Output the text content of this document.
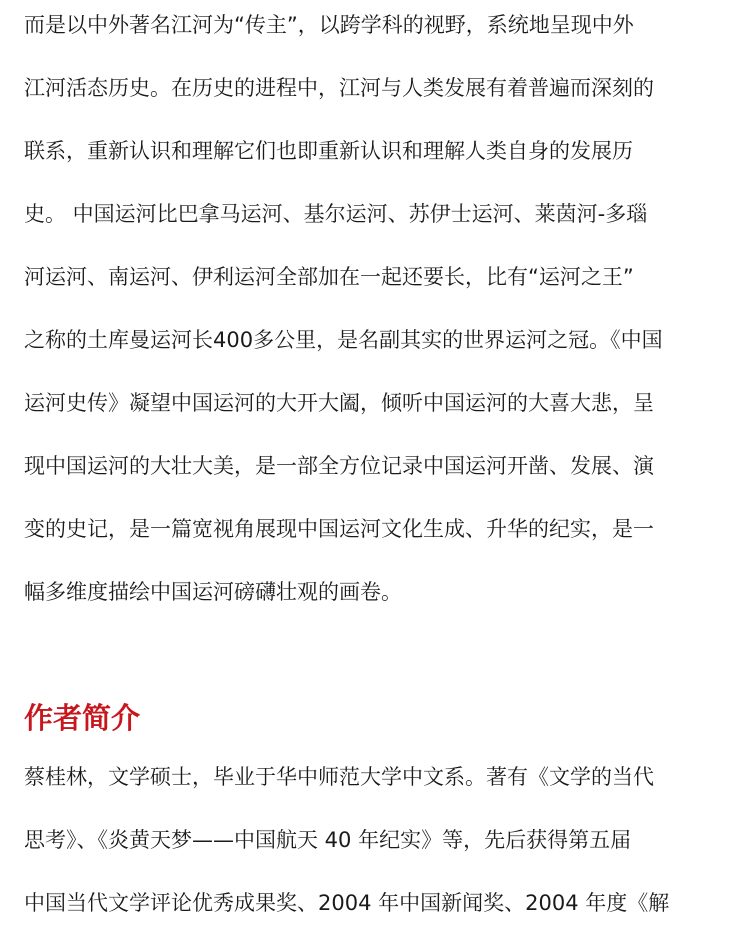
而是以中外著名江河为“传主”，以跨学科的视野，系统地呈现中外
江河活态历史。在历史的进程中，江河与人类发展有着普遍而深刻的
联系，重新认识和理解它们也即重新认识和理解人类自身的发展历
史。 中国运河比巴拿马运河、基尔运河、苏伊士运河、莱茵河-多瑙
河运河、南运河、伊利运河全部加在一起还要长，比有“运河之王”
之称的土库曼运河长400多公里，是名副其实的世界运河之冠。《中国
运河史传》凝望中国运河的大开大阖，倾听中国运河的大喜大悲，呈
现中国运河的大壮大美，是一部全方位记录中国运河开凿、发展、演
变的史记，是一篇宽视角展现中国运河文化生成、升华的纪实，是一
幅多维度描绘中国运河磅礴壮观的画卷。

作者简介

蔡桂林，文学硕士，毕业于华中师范大学中文系。著有《文学的当代
思考》、《炎黄天梦——中国航天 40 年纪实》等，先后获得第五届
中国当代文学评论优秀成果奖、2004 年中国新闻奖、2004 年度《解
